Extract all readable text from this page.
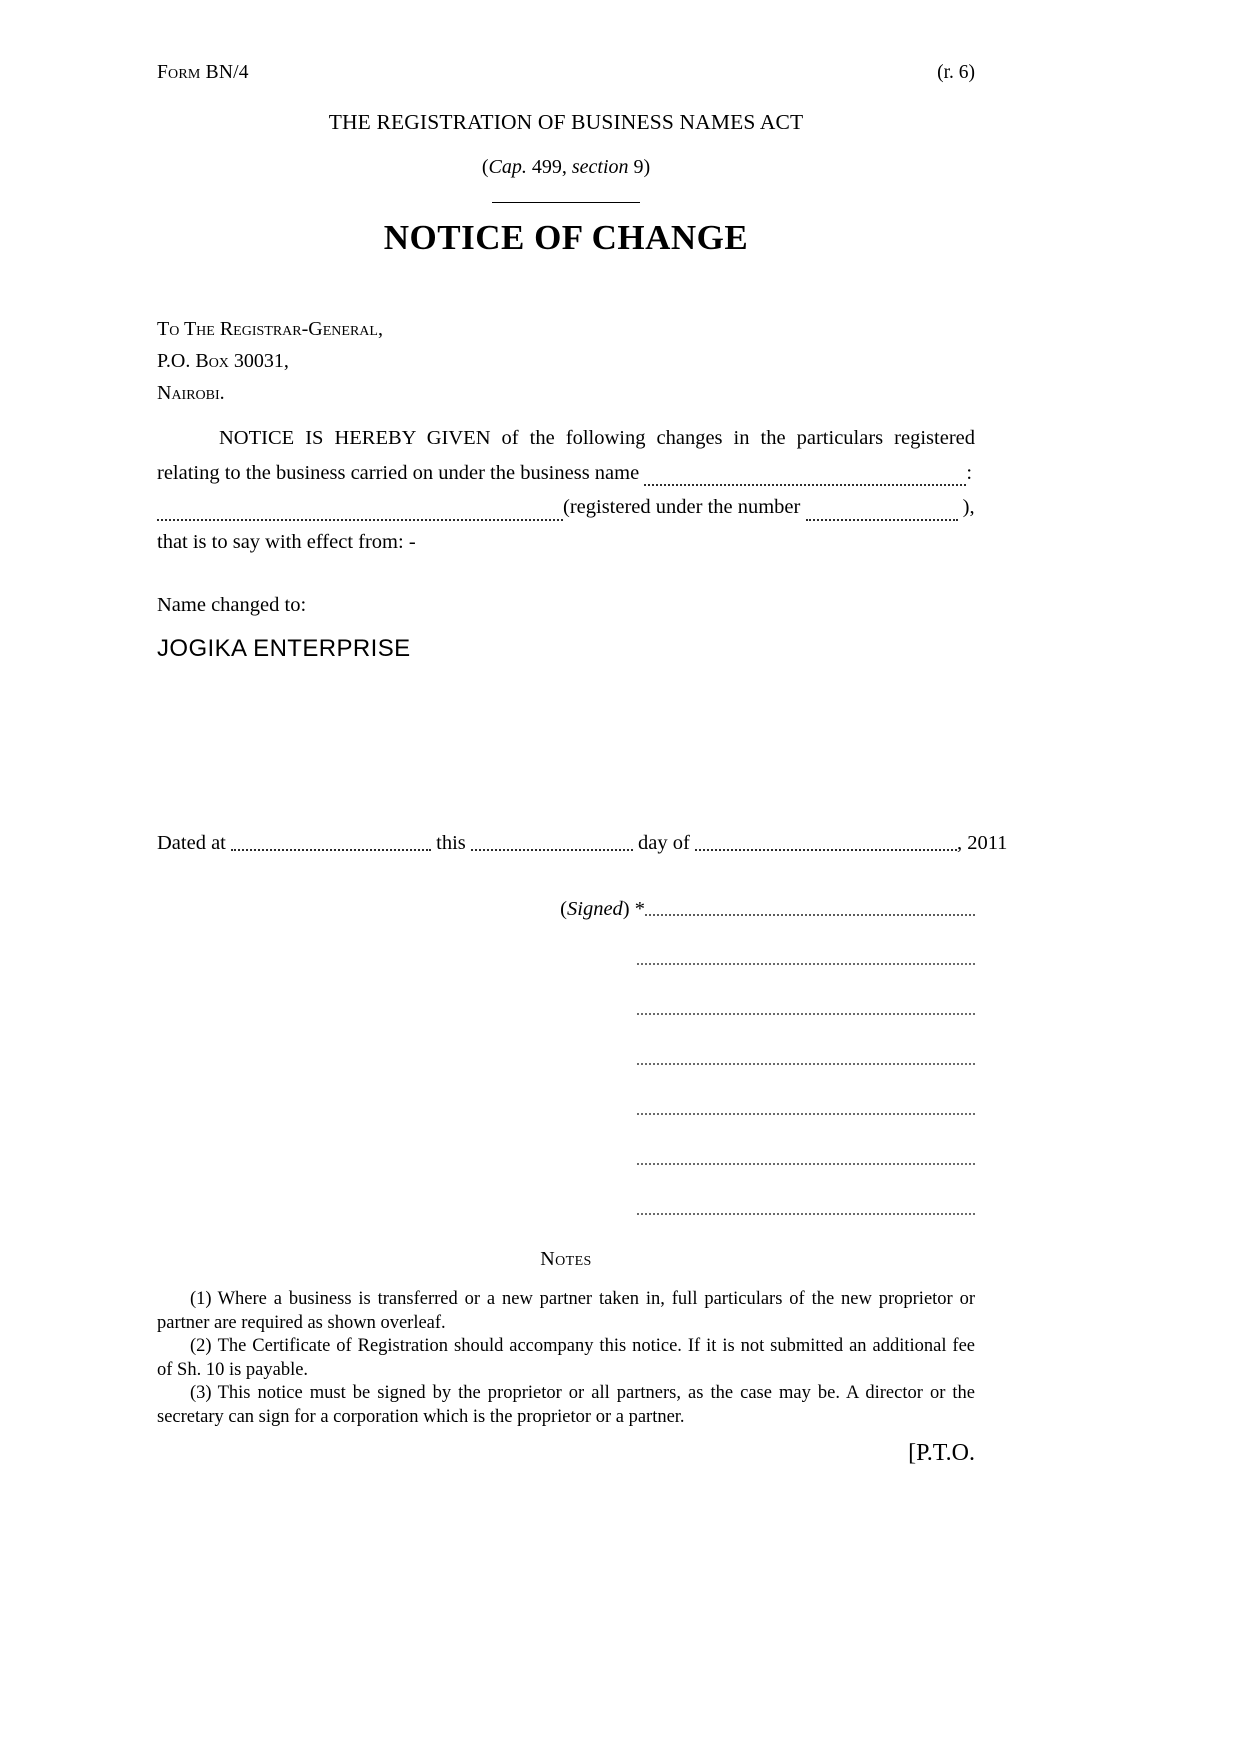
Form BN/4	(r. 6)
THE REGISTRATION OF BUSINESS NAMES ACT
(Cap. 499, section 9)
NOTICE OF CHANGE
To The Registrar-General,
P.O. Box 30031,
Nairobi.
NOTICE IS HEREBY GIVEN of the following changes in the particulars registered relating to the business carried on under the business name	:
(registered under the number	),
that is to say with effect from: -
Name changed to:
JOGIKA ENTERPRISE
Dated at	this	day of	, 2011
(Signed) *
Notes

(1) Where a business is transferred or a new partner taken in, full particulars of the new proprietor or partner are required as shown overleaf.

(2) The Certificate of Registration should accompany this notice. If it is not submitted an additional fee of Sh. 10 is payable.

(3) This notice must be signed by the proprietor or all partners, as the case may be. A director or the secretary can sign for a corporation which is the proprietor or a partner.

[P.T.O.
